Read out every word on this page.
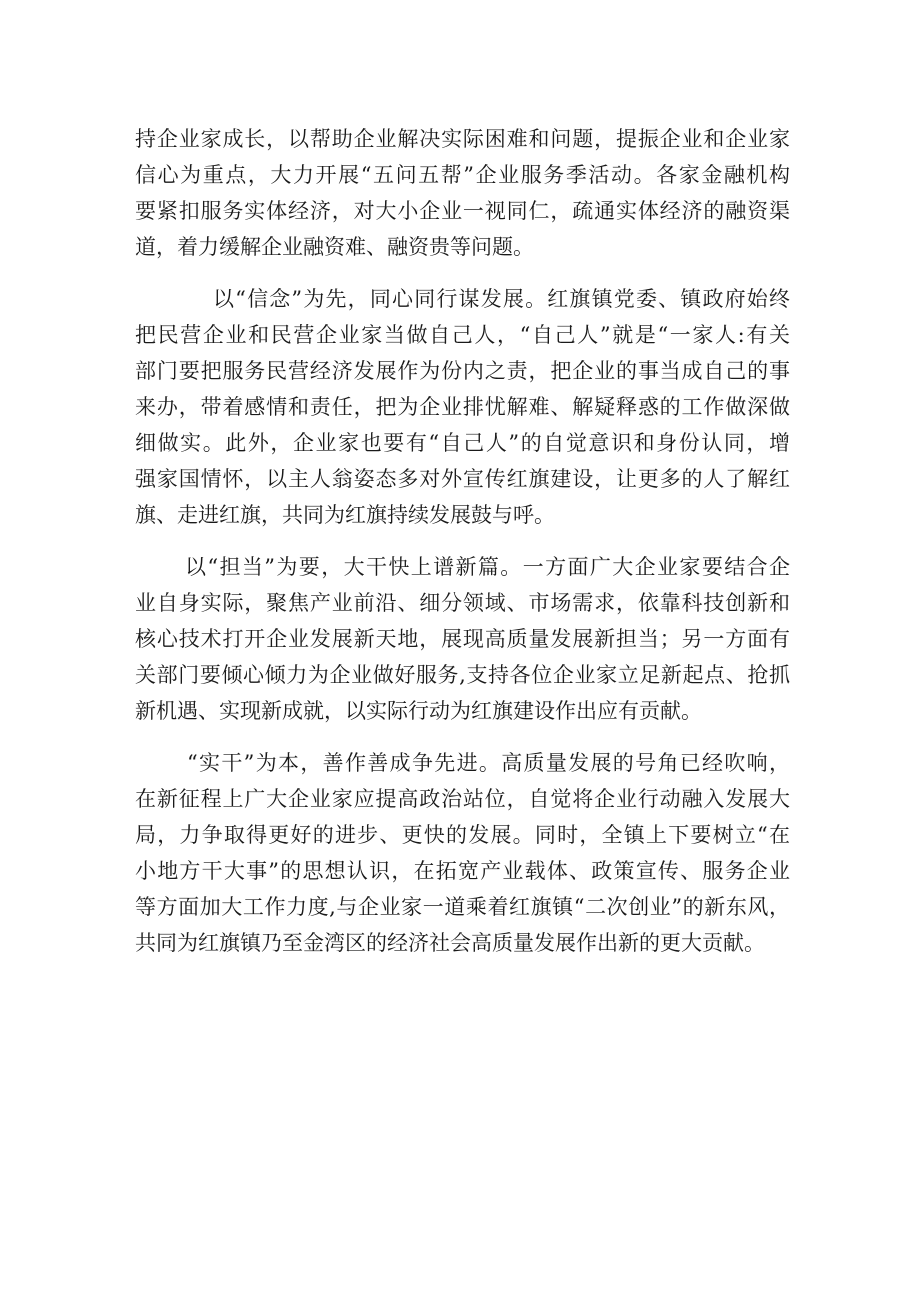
持企业家成长，以帮助企业解决实际困难和问题，提振企业和企业家
信心为重点，大力开展“五问五帮”企业服务季活动。各家金融机构
要紧扣服务实体经济，对大小企业一视同仁，疏通实体经济的融资渠
道，着力缓解企业融资难、融资贵等问题。
以“信念”为先，同心同行谋发展。红旗镇党委、镇政府始终
把民营企业和民营企业家当做自己人，“自己人”就是“一家人:有关
部门要把服务民营经济发展作为份内之责，把企业的事当成自己的事
来办，带着感情和责任，把为企业排忧解难、解疑释惑的工作做深做
细做实。此外，企业家也要有“自己人”的自觉意识和身份认同，增
强家国情怀，以主人翁姿态多对外宣传红旗建设，让更多的人了解红
旗、走进红旗，共同为红旗持续发展鼓与呼。
以“担当”为要，大干快上谱新篇。一方面广大企业家要结合企
业自身实际，聚焦产业前沿、细分领域、市场需求，依靠科技创新和
核心技术打开企业发展新天地，展现高质量发展新担当；另一方面有
关部门要倾心倾力为企业做好服务,支持各位企业家立足新起点、抢抓
新机遇、实现新成就，以实际行动为红旗建设作出应有贡献。
“实干”为本，善作善成争先进。高质量发展的号角已经吹响，
在新征程上广大企业家应提高政治站位，自觉将企业行动融入发展大
局，力争取得更好的进步、更快的发展。同时，全镇上下要树立“在
小地方干大事”的思想认识，在拓宽产业载体、政策宣传、服务企业
等方面加大工作力度,与企业家一道乘着红旗镇“二次创业”的新东风，
共同为红旗镇乃至金湾区的经济社会高质量发展作出新的更大贡献。
